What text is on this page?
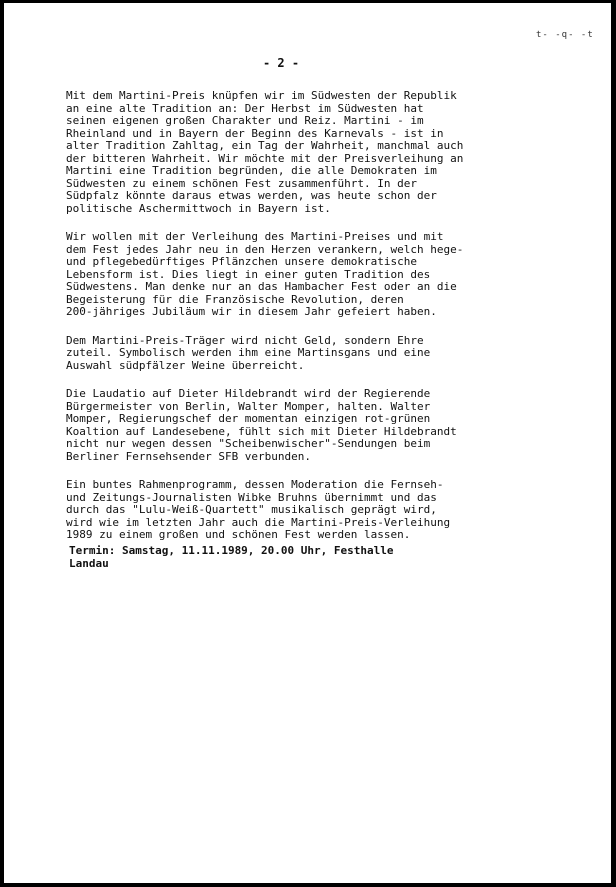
t- -q- -t
- 2 -

Mit dem Martini-Preis knüpfen wir im Südwesten der Republik
an eine alte Tradition an: Der Herbst im Südwesten hat
seinen eigenen großen Charakter und Reiz. Martini - im
Rheinland und in Bayern der Beginn des Karnevals - ist in
alter Tradition Zahltag, ein Tag der Wahrheit, manchmal auch
der bitteren Wahrheit. Wir möchte mit der Preisverleihung an
Martini eine Tradition begründen, die alle Demokraten im
Südwesten zu einem schönen Fest zusammenführt. In der
Südpfalz könnte daraus etwas werden, was heute schon der
politische Aschermittwoch in Bayern ist.

Wir wollen mit der Verleihung des Martini-Preises und mit
dem Fest jedes Jahr neu in den Herzen verankern, welch hege-
und pflegebedürftiges Pflänzchen unsere demokratische
Lebensform ist. Dies liegt in einer guten Tradition des
Südwestens. Man denke nur an das Hambacher Fest oder an die
Begeisterung für die Französische Revolution, deren
200-jähriges Jubiläum wir in diesem Jahr gefeiert haben.

Dem Martini-Preis-Träger wird nicht Geld, sondern Ehre
zuteil. Symbolisch werden ihm eine Martinsgans und eine
Auswahl südpfälzer Weine überreicht.

Die Laudatio auf Dieter Hildebrandt wird der Regierende
Bürgermeister von Berlin, Walter Momper, halten. Walter
Momper, Regierungschef der momentan einzigen rot-grünen
Koaltion auf Landesebene, fühlt sich mit Dieter Hildebrandt
nicht nur wegen dessen "Scheibenwischer"-Sendungen beim
Berliner Fernsehsender SFB verbunden.

Ein buntes Rahmenprogramm, dessen Moderation die Fernseh-
und Zeitungs-Journalisten Wibke Bruhns übernimmt und das
durch das "Lulu-Weiß-Quartett" musikalisch geprägt wird,
wird wie im letzten Jahr auch die Martini-Preis-Verleihung
1989 zu einem großen und schönen Fest werden lassen.

Termin: Samstag, 11.11.1989, 20.00 Uhr, Festhalle
Landau
